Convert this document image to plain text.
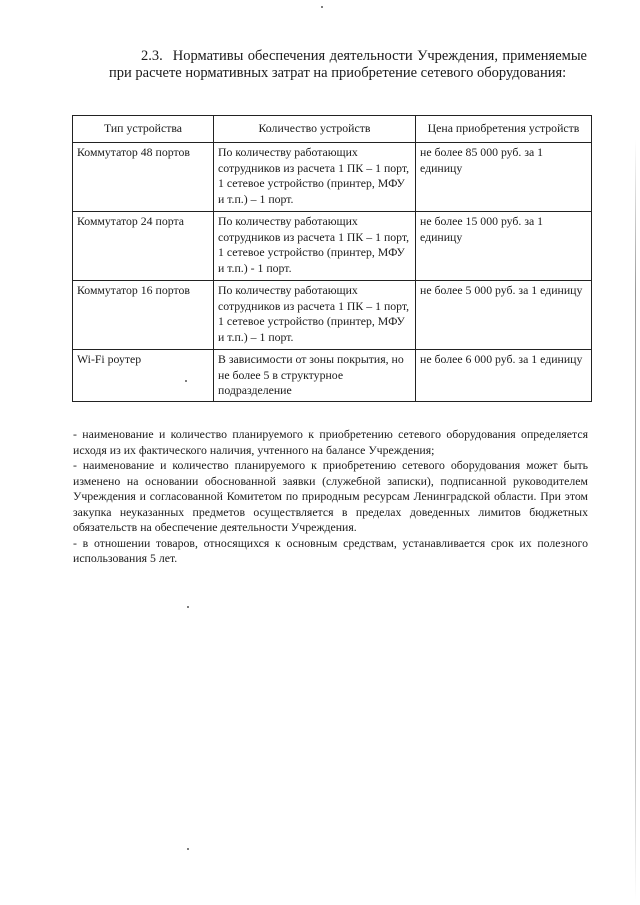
2.3. Нормативы обеспечения деятельности Учреждения, применяемые при расчете нормативных затрат на приобретение сетевого оборудования:
Тип устройства	Количество устройств	Цена приобретения устройств
Коммутатор 48 портов	По количеству работающих сотрудников из расчета 1 ПК – 1 порт, 1 сетевое устройство (принтер, МФУ и т.п.) – 1 порт.	не более 85 000 руб. за 1 единицу
Коммутатор 24 порта	По количеству работающих сотрудников из расчета 1 ПК – 1 порт, 1 сетевое устройство (принтер, МФУ и т.п.) - 1 порт.	не более 15 000 руб. за 1 единицу
Коммутатор 16 портов	По количеству работающих сотрудников из расчета 1 ПК – 1 порт, 1 сетевое устройство (принтер, МФУ и т.п.) – 1 порт.	не более 5 000 руб. за 1 единицу
Wi-Fi роутер	В зависимости от зоны покрытия, но не более 5 в структурное подразделение	не более 6 000 руб. за 1 единицу

- наименование и количество планируемого к приобретению сетевого оборудования определяется исходя из их фактического наличия, учтенного на балансе Учреждения;

- наименование и количество планируемого к приобретению сетевого оборудования может быть изменено на основании обоснованной заявки (служебной записки), подписанной руководителем Учреждения и согласованной Комитетом по природным ресурсам Ленинградской области. При этом закупка неуказанных предметов осуществляется в пределах доведенных лимитов бюджетных обязательств на обеспечение деятельности Учреждения.

- в отношении товаров, относящихся к основным средствам, устанавливается срок их полезного использования 5 лет.
